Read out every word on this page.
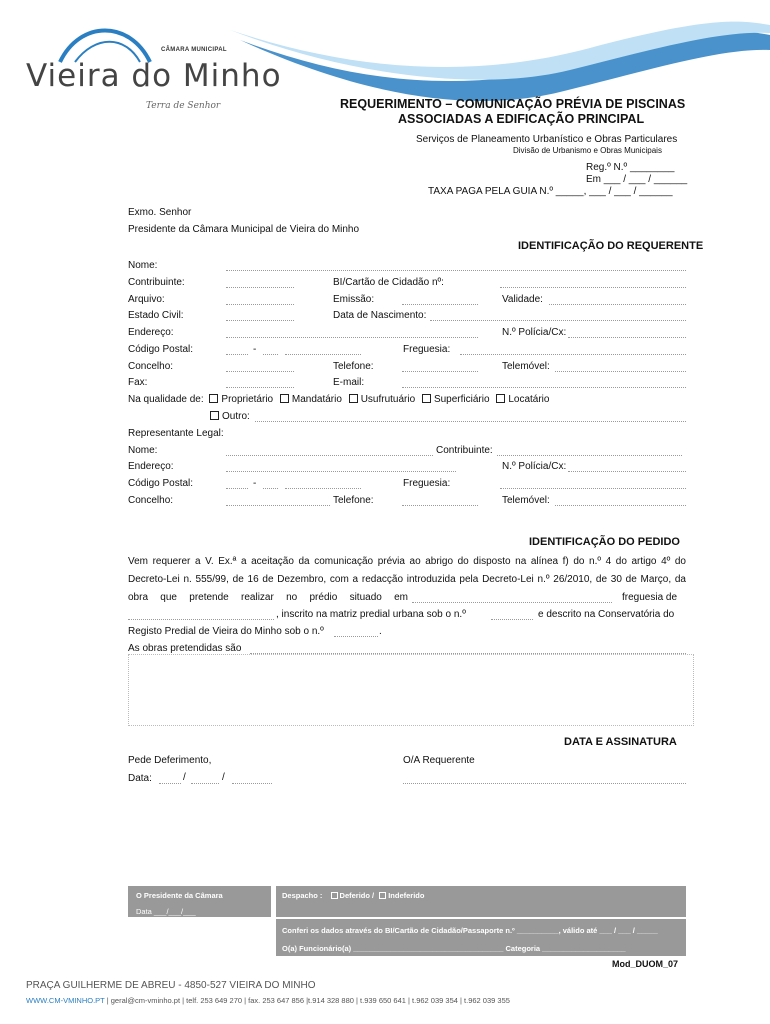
CÂMARA MUNICIPAL
Vieira do Minho
Terra de Senhor	REQUERIMENTO – COMUNICAÇÃO PRÉVIA DE PISCINAS
ASSOCIADAS A EDIFICAÇÃO PRINCIPAL
Serviços de Planeamento Urbanístico e Obras Particulares
Divisão de Urbanismo e Obras Municipais
Reg.º N.º ________
Em ___ / ___ / ______
TAXA PAGA PELA GUIA N.º _____, ___ / ___ / ______
Exmo. Senhor
Presidente da Câmara Municipal de Vieira do Minho
IDENTIFICAÇÃO DO REQUERENTE
Nome:
Contribuinte:	BI/Cartão de Cidadão nº:
Arquivo:	Emissão:	Validade:
Estado Civil:	Data de Nascimento:
Endereço:	N.º Polícia/Cx:
Código Postal:	-	Freguesia:
Concelho:	Telefone:	Telemóvel:
Fax:	E-mail:
Na qualidade de: Proprietário Mandatário Usufrutuário Superficiário Locatário
Outro:
Representante Legal:
Nome:	Contribuinte:
Endereço:	N.º Polícia/Cx:
Código Postal:	-	Freguesia:
Concelho:	Telefone:	Telemóvel:
IDENTIFICAÇÃO DO PEDIDO
Vem requerer a V. Ex.ª a aceitação da comunicação prévia ao abrigo do disposto na alínea f) do n.º 4 do artigo 4º do
Decreto-Lei n. 555/99, de 16 de Dezembro, com a redacção introduzida pela Decreto-Lei n.º 26/2010, de 30 de Março, da
obra que pretende realizar no prédio situado em	freguesia de
, inscrito na matriz predial urbana sob o n.º	e descrito na Conservatória do
Registo Predial de Vieira do Minho sob o n.º	.
As obras pretendidas são
DATA E ASSINATURA
Pede Deferimento,	O/A Requerente
Data:	/	/
O Presidente da Câmara
Data ___/___/___
Despacho : Deferido / Indeferido
Conferi os dados através do BI/Cartão de Cidadão/Passaporte n.º __________, válido até ___ / ___ / _____
O(a) Funcionário(a) ____________________________________ Categoria ____________________
Mod_DUOM_07
PRAÇA GUILHERME DE ABREU - 4850-527 VIEIRA DO MINHO
WWW.CM-VMINHO.PT | geral@cm-vminho.pt | telf. 253 649 270 | fax. 253 647 856 |t.914 328 880 | t.939 650 641 | t.962 039 354 | t.962 039 355
